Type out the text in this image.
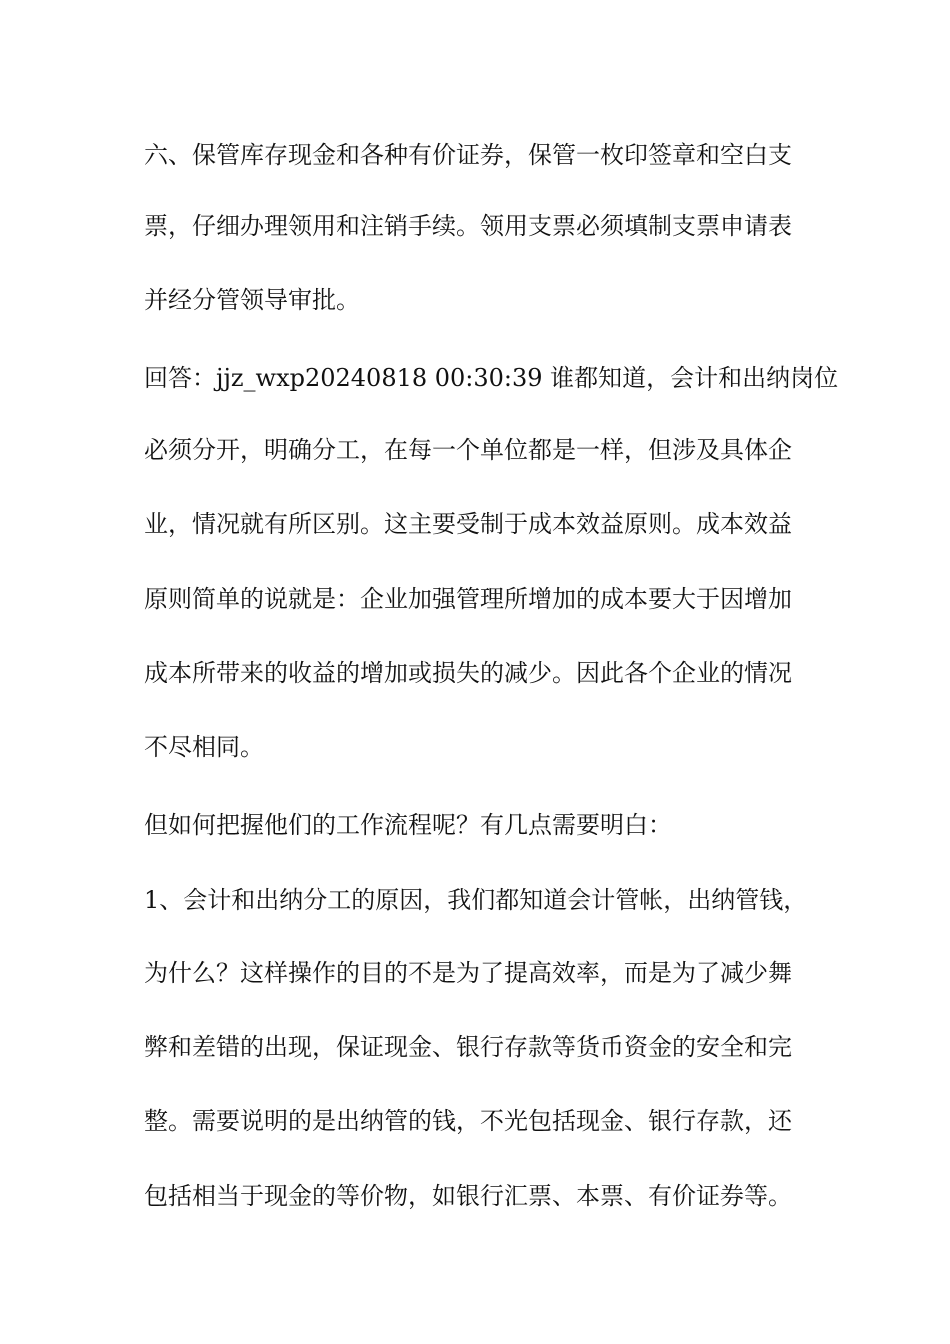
六、保管库存现金和各种有价证券，保管一枚印签章和空白支
票，仔细办理领用和注销手续。领用支票必须填制支票申请表
并经分管领导审批。
回答：jjz_wxp20240818 00:30:39 谁都知道，会计和出纳岗位
必须分开，明确分工，在每一个单位都是一样，但涉及具体企
业，情况就有所区别。这主要受制于成本效益原则。成本效益
原则简单的说就是：企业加强管理所增加的成本要大于因增加
成本所带来的收益的增加或损失的减少。因此各个企业的情况
不尽相同。
但如何把握他们的工作流程呢？有几点需要明白：
1、会计和出纳分工的原因，我们都知道会计管帐，出纳管钱，
为什么？这样操作的目的不是为了提高效率，而是为了减少舞
弊和差错的出现，保证现金、银行存款等货币资金的安全和完
整。需要说明的是出纳管的钱，不光包括现金、银行存款，还
包括相当于现金的等价物，如银行汇票、本票、有价证券等。
